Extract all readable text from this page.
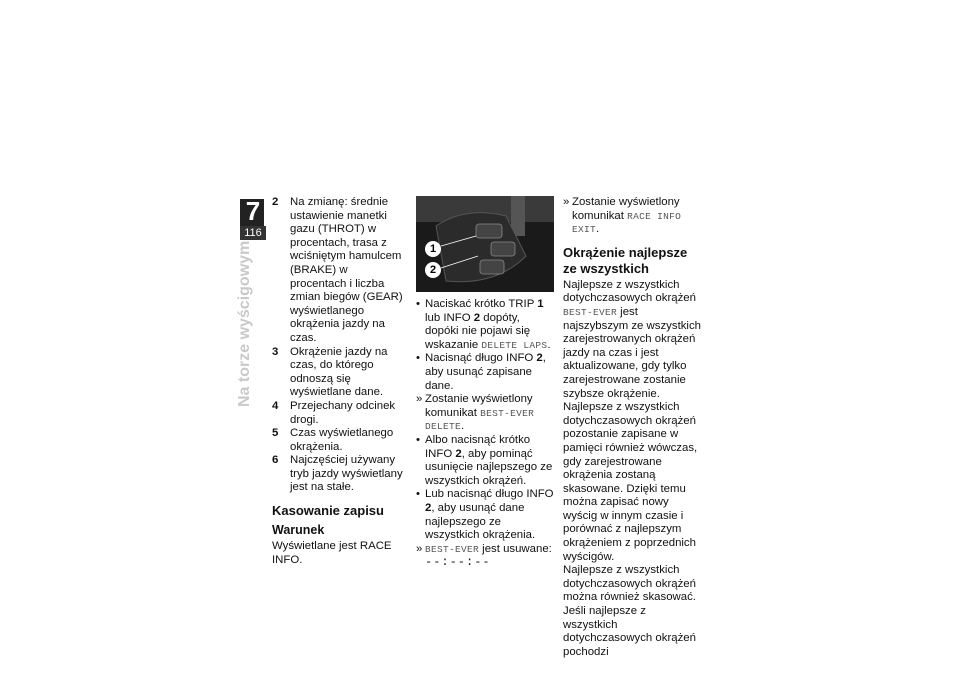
7
116
Na torze wyścigowym
2	Na zmianę: średnie ustawienie manetki gazu (THROT) w procentach, trasa z wciśniętym hamulcem (BRAKE) w procentach i liczba zmian biegów (GEAR) wyświetlanego okrążenia jazdy na czas.
3	Okrążenie jazdy na czas, do którego odnoszą się wyświetlane dane.
4	Przejechany odcinek drogi.
5	Czas wyświetlanego okrążenia.
6	Najczęściej używany tryb jazdy wyświetlany jest na stałe.
Kasowanie zapisu
Warunek

Wyświetlane jest RACE INFO.

1
2
• Naciskać krótko TRIP 1 lub INFO 2 dopóty, dopóki nie pojawi się wskazanie DELETE LAPS.
• Nacisnąć długo INFO 2, aby usunąć zapisane dane.
» Zostanie wyświetlony komunikat BEST-EVER DELETE.
• Albo nacisnąć krótko INFO 2, aby pominąć usunięcie najlepszego ze wszystkich okrążeń.
• Lub nacisnąć długo INFO 2, aby usunąć dane najlepszego ze wszystkich okrążenia.
» BEST-EVER jest usuwane:
--:--:--
» Zostanie wyświetlony komunikat RACE INFO EXIT.
Okrążenie najlepsze ze wszystkich

Najlepsze z wszystkich dotychczasowych okrążeń BEST-EVER jest najszybszym ze wszystkich zarejestrowanych okrążeń jazdy na czas i jest aktualizowane, gdy tylko zarejestrowane zostanie szybsze okrążenie.

Najlepsze z wszystkich dotychczasowych okrążeń pozostanie zapisane w pamięci również wówczas, gdy zarejestrowane okrążenia zostaną skasowane. Dzięki temu można zapisać nowy wyścig w innym czasie i porównać z najlepszym okrążeniem z poprzednich wyścigów.

Najlepsze z wszystkich dotychczasowych okrążeń można również skasować.

Jeśli najlepsze z wszystkich dotychczasowych okrążeń pochodzi
